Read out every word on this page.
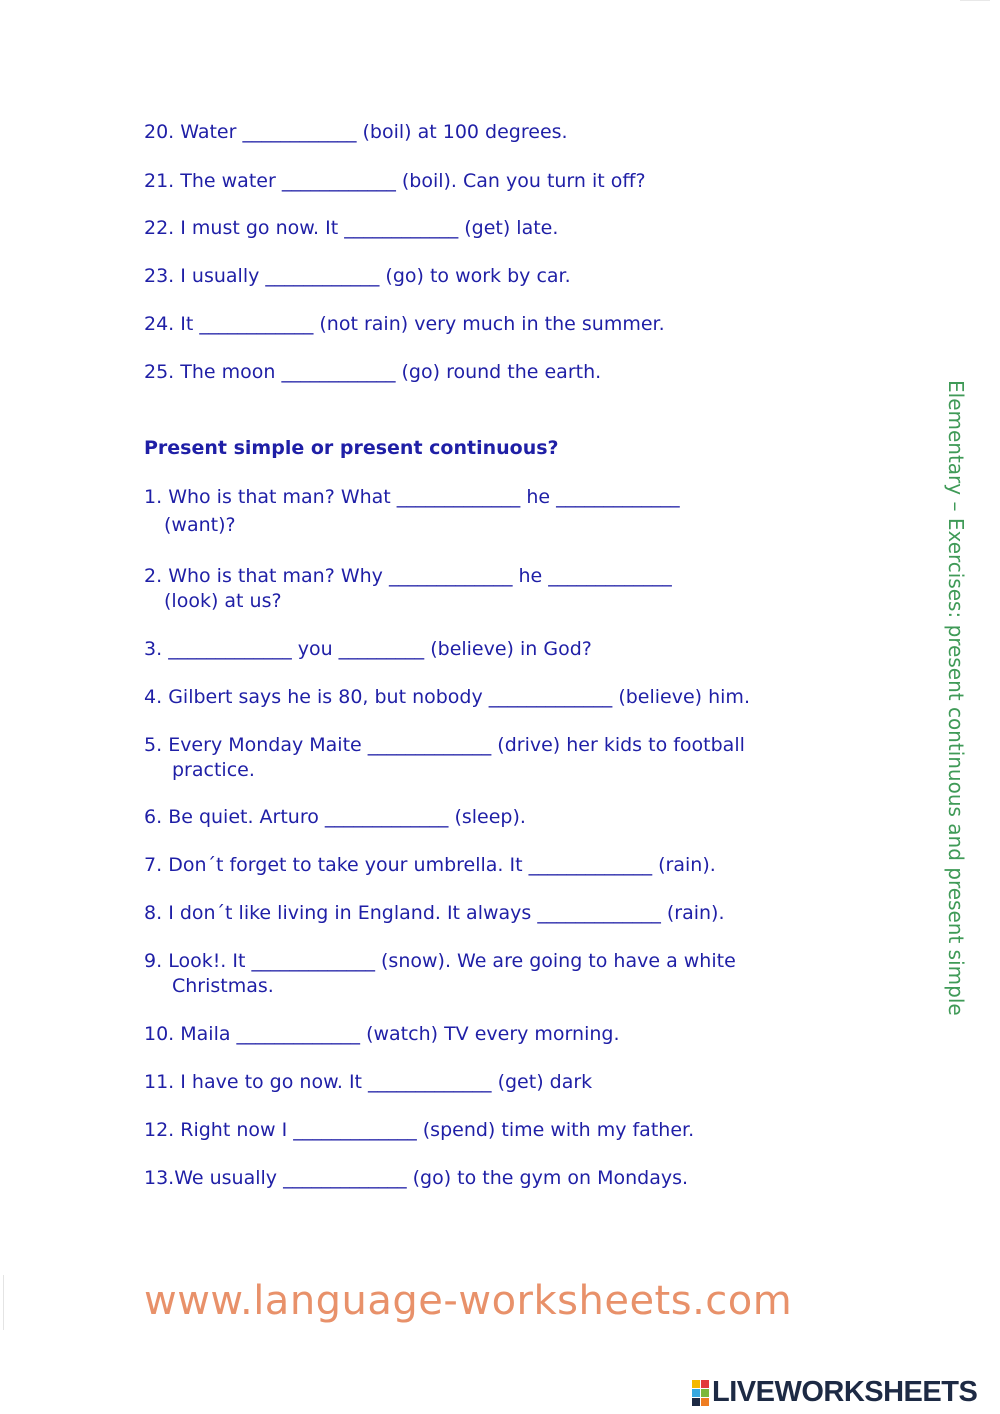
20. Water ____________ (boil) at 100 degrees.
21. The water ____________ (boil). Can you turn it off?
22. I must go now. It ____________ (get) late.
23. I usually ____________ (go) to work by car.
24. It ____________ (not rain) very much in the summer.
25. The moon ____________ (go) round the earth.
Present simple or present continuous?
1. Who is that man? What _____________ he _____________
(want)?
2. Who is that man? Why _____________ he _____________
(look) at us?
3. _____________ you _________ (believe) in God?
4. Gilbert says he is 80, but nobody _____________ (believe) him.
5. Every Monday Maite _____________ (drive) her kids to football
practice.
6. Be quiet. Arturo _____________ (sleep).
7. Don´t forget to take your umbrella. It _____________ (rain).
8. I don´t like living in England. It always _____________ (rain).
9. Look!. It _____________ (snow). We are going to have a white
Christmas.
10. Maila _____________ (watch) TV every morning.
11. I have to go now. It _____________ (get) dark
12. Right now I _____________ (spend) time with my father.
13.We usually _____________ (go) to the gym on Mondays.
Elementary – Exercises: present continuous and present simple
www.language-worksheets.com
LIVEWORKSHEETS
